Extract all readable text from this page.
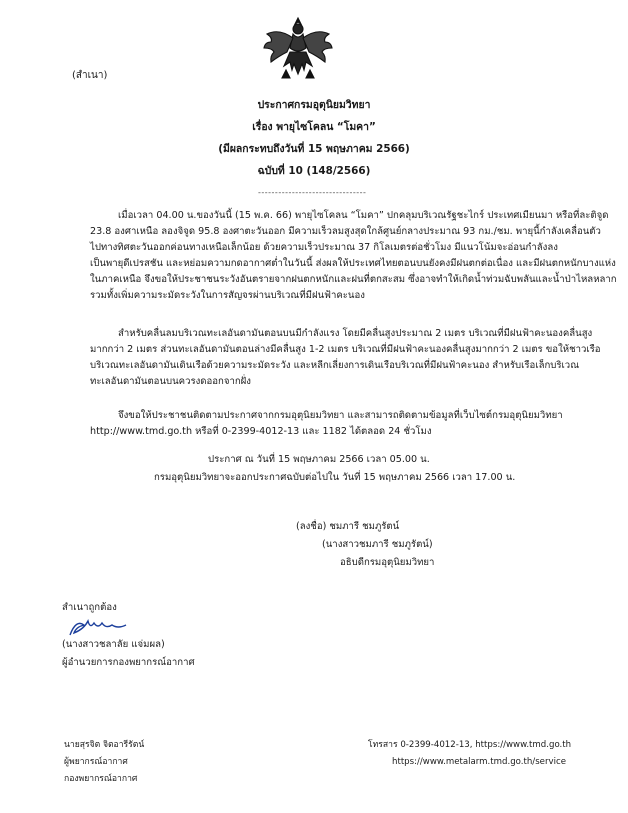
(สำเนา)
ประกาศกรมอุตุนิยมวิทยา
เรื่อง พายุไซโคลน “โมคา”
(มีผลกระทบถึงวันที่ 15 พฤษภาคม 2566)
ฉบับที่ 10 (148/2566)
--------------------------------
เมื่อเวลา 04.00 น.ของวันนี้ (15 พ.ค. 66) พายุไซโคลน “โมคา” ปกคลุมบริเวณรัฐชะไกร์ ประเทศเมียนมา หรือที่ละติจูด
23.8 องศาเหนือ ลองจิจูด 95.8 องศาตะวันออก มีความเร็วลมสูงสุดใกล้ศูนย์กลางประมาณ 93 กม./ชม. พายุนี้กำลังเคลื่อนตัว
ไปทางทิศตะวันออกค่อนทางเหนือเล็กน้อย ด้วยความเร็วประมาณ 37 กิโลเมตรต่อชั่วโมง มีแนวโน้มจะอ่อนกำลังลง
เป็นพายุดีเปรสชัน และหย่อมความกดอากาศต่ำในวันนี้ ส่งผลให้ประเทศไทยตอนบนยังคงมีฝนตกต่อเนื่อง และมีฝนตกหนักบางแห่ง
ในภาคเหนือ จึงขอให้ประชาชนระวังอันตรายจากฝนตกหนักและฝนที่ตกสะสม ซึ่งอาจทำให้เกิดน้ำท่วมฉับพลันและน้ำป่าไหลหลาก
รวมทั้งเพิ่มความระมัดระวังในการสัญจรผ่านบริเวณที่มีฝนฟ้าคะนอง
สำหรับคลื่นลมบริเวณทะเลอันดามันตอนบนมีกำลังแรง โดยมีคลื่นสูงประมาณ 2 เมตร บริเวณที่มีฝนฟ้าคะนองคลื่นสูง
มากกว่า 2 เมตร ส่วนทะเลอันดามันตอนล่างมีคลื่นสูง 1-2 เมตร บริเวณที่มีฝนฟ้าคะนองคลื่นสูงมากกว่า 2 เมตร ขอให้ชาวเรือ
บริเวณทะเลอันดามันเดินเรือด้วยความระมัดระวัง และหลีกเลี่ยงการเดินเรือบริเวณที่มีฝนฟ้าคะนอง สำหรับเรือเล็กบริเวณ
ทะเลอันดามันตอนบนควรงดออกจากฝั่ง
จึงขอให้ประชาชนติดตามประกาศจากกรมอุตุนิยมวิทยา และสามารถติดตามข้อมูลที่เว็บไซต์กรมอุตุนิยมวิทยา
http://www.tmd.go.th หรือที่ 0-2399-4012-13 และ 1182 ได้ตลอด 24 ชั่วโมง
ประกาศ ณ วันที่ 15 พฤษภาคม 2566 เวลา 05.00 น.
กรมอุตุนิยมวิทยาจะออกประกาศฉบับต่อไปใน วันที่ 15 พฤษภาคม 2566 เวลา 17.00 น.
(ลงชื่อ) ชมภารี ชมภูรัตน์
(นางสาวชมภารี ชมภูรัตน์)
อธิบดีกรมอุตุนิยมวิทยา
สำเนาถูกต้อง
(นางสาวชลาลัย แจ่มผล)
ผู้อำนวยการกองพยากรณ์อากาศ
นายสุรจิต จิตอารีรัตน์
ผู้พยากรณ์อากาศ
กองพยากรณ์อากาศ
โทรสาร 0-2399-4012-13, https://www.tmd.go.th
https://www.metalarm.tmd.go.th/service
